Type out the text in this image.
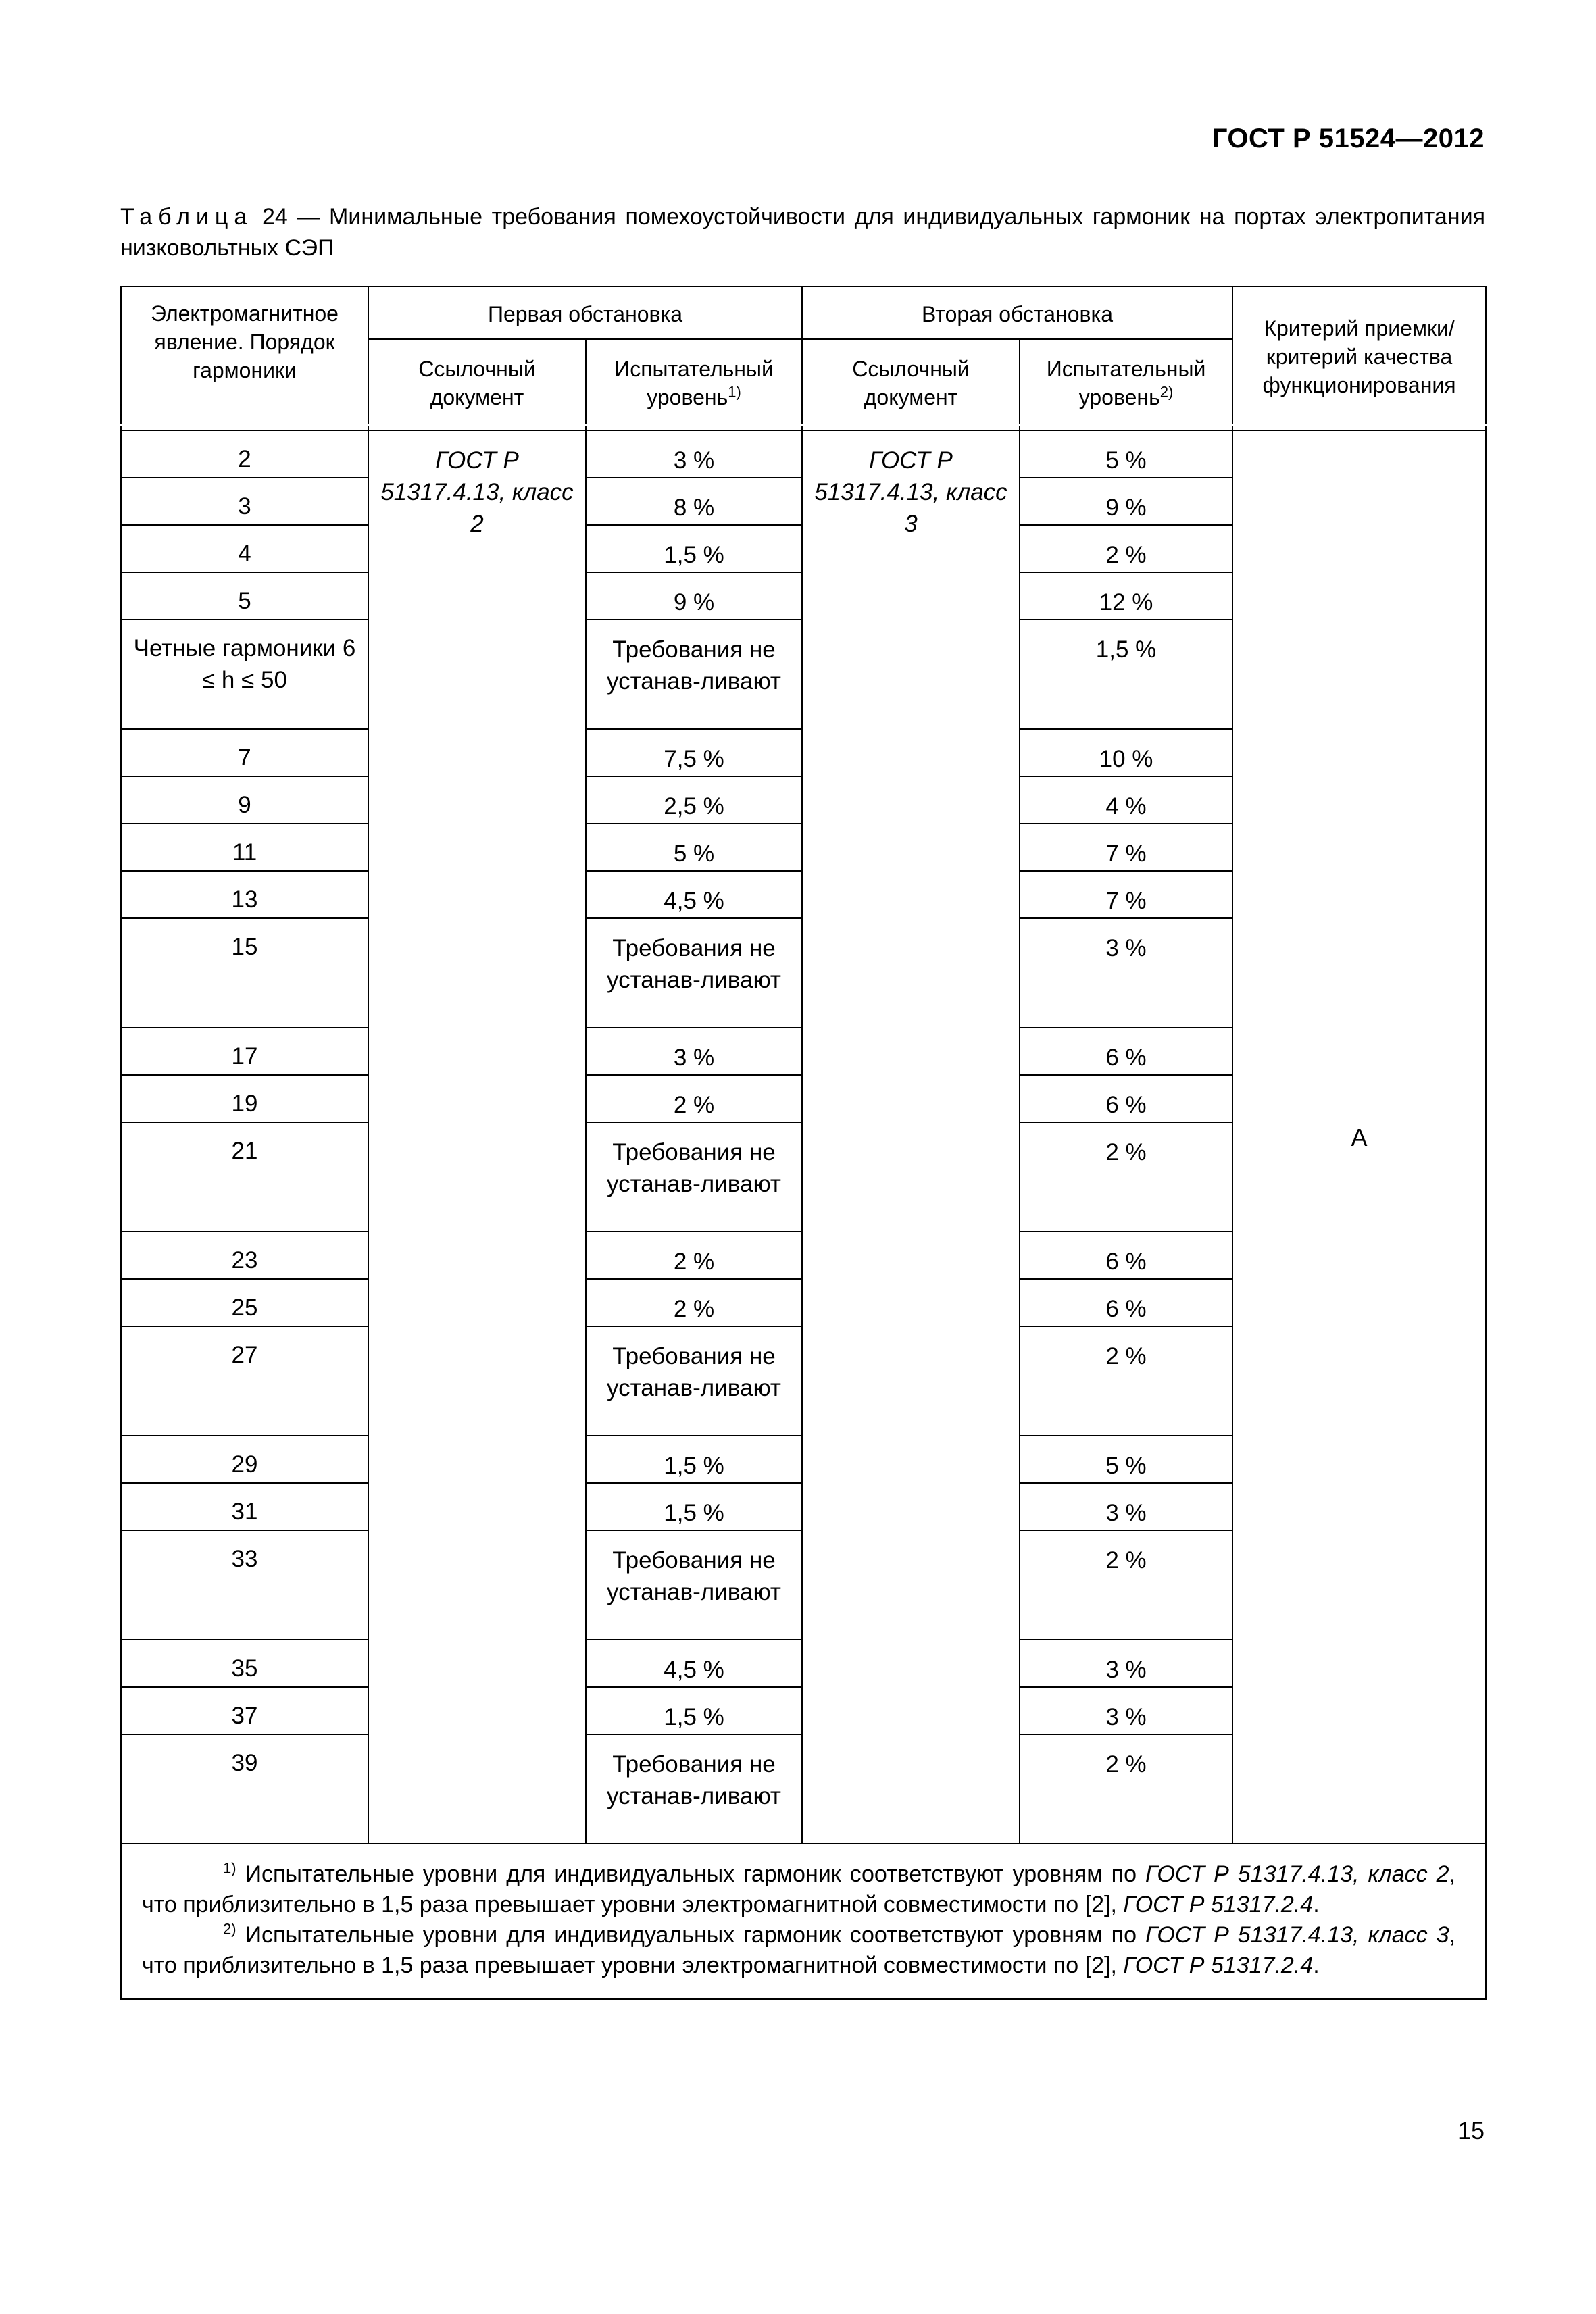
ГОСТ Р 51524—2012
Таблица 24 — Минимальные требования помехоустойчивости для индивидуальных гармоник на портах электропитания низковольтных СЭП
Электромагнитное явление. Порядок гармоники	Первая обстановка		Вторая обстановка		Критерий приемки/ критерий качества функционирования
	Ссылочный документ	Испытательный уровень$^{1)}$	Ссылочный документ	Испытательный уровень$^{2)}$

2	ГОСТ Р 51317.4.13, класс 2	3 %	ГОСТ Р 51317.4.13, класс 3	5 %	А
3		8 %		9 %	
4		1,5 %		2 %	
5		9 %		12 %	
Четные гармоники 6 ≤ h ≤ 50		Требования не устанав-ливают		1,5 %	
7		7,5 %		10 %	
9		2,5 %		4 %	
11		5 %		7 %	
13		4,5 %		7 %	
15		Требования не устанав-ливают		3 %	
17		3 %		6 %	
19		2 %		6 %	
21		Требования не устанав-ливают		2 %	
23		2 %		6 %	
25		2 %		6 %	
27		Требования не устанав-ливают		2 %	
29		1,5 %		5 %	
31		1,5 %		3 %	
33		Требования не устанав-ливают		2 %	
35		4,5 %		3 %	
37		1,5 %		3 %	
39		Требования не устанав-ливают		2 %	

$^{1)}$ Испытательные уровни для индивидуальных гармоник соответствуют уровням по ГОСТ Р 51317.4.13, класс 2, что приблизительно в 1,5 раза превышает уровни электромагнитной совместимости по [2], ГОСТ Р 51317.2.4.

$^{2)}$ Испытательные уровни для индивидуальных гармоник соответствуют уровням по ГОСТ Р 51317.4.13, класс 3, что приблизительно в 1,5 раза превышает уровни электромагнитной совместимости по [2], ГОСТ Р 51317.2.4.					

15
